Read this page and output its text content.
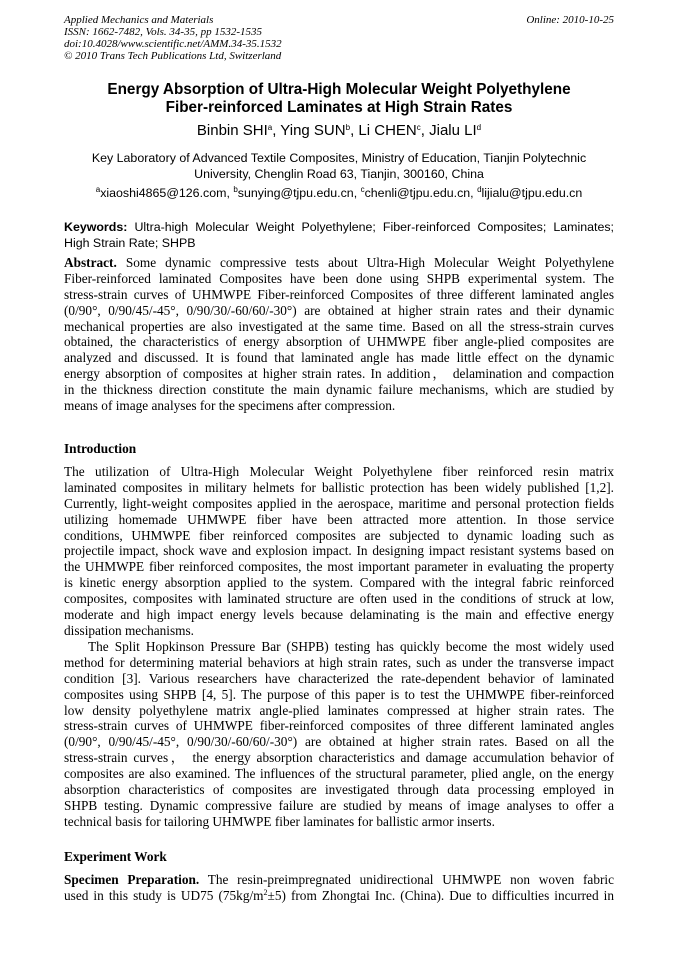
Applied Mechanics and Materials
ISSN: 1662-7482, Vols. 34-35, pp 1532-1535
doi:10.4028/www.scientific.net/AMM.34-35.1532
© 2010 Trans Tech Publications Ltd, Switzerland
Online: 2010-10-25
Energy Absorption of Ultra-High Molecular Weight Polyethylene
Fiber-reinforced Laminates at High Strain Rates
Binbin SHI$^a$, Ying SUN$^b$, Li CHEN$^c$, Jialu $LI^d$
Key Laboratory of Advanced Textile Composites, Ministry of Education, Tianjin Polytechnic
University, Chenglin Road 63, Tianjin, 300160, China
$^a$xiaoshi4865@126.com, $^b$sunying@tjpu.edu.cn, $^c$chenli@tjpu.edu.cn, $^d$lijialu@tjpu.edu.cn
Keywords: Ultra-high Molecular Weight Polyethylene; Fiber-reinforced Composites; Laminates;
High Strain Rate; SHPB
Abstract. Some dynamic compressive tests about Ultra-High Molecular Weight Polyethylene
Fiber-reinforced laminated Composites have been done using SHPB experimental system. The
stress-strain curves of UHMWPE Fiber-reinforced Composites of three different laminated angles
(0/90°, 0/90/45/-45°, 0/90/30/-60/60/-30°) are obtained at higher strain rates and their dynamic
mechanical properties are also investigated at the same time. Based on all the stress-strain curves
obtained, the characteristics of energy absorption of UHMWPE fiber angle-plied composites are
analyzed and discussed. It is found that laminated angle has made little effect on the dynamic
energy absorption of composites at higher strain rates. In addition， delamination and compaction
in the thickness direction constitute the main dynamic failure mechanisms, which are studied by
means of image analyses for the specimens after compression.
Introduction
The utilization of Ultra-High Molecular Weight Polyethylene fiber reinforced resin matrix
laminated composites in military helmets for ballistic protection has been widely published [1,2].
Currently, light-weight composites applied in the aerospace, maritime and personal protection fields
utilizing homemade UHMWPE fiber have been attracted more attention. In those service
conditions, UHMWPE fiber reinforced composites are subjected to dynamic loading such as
projectile impact, shock wave and explosion impact. In designing impact resistant systems based on
the UHMWPE fiber reinforced composites, the most important parameter in evaluating the property
is kinetic energy absorption applied to the system. Compared with the integral fabric reinforced
composites, composites with laminated structure are often used in the conditions of struck at low,
moderate and high impact energy levels because delaminating is the main and effective energy
dissipation mechanisms.
The Split Hopkinson Pressure Bar (SHPB) testing has quickly become the most widely used
method for determining material behaviors at high strain rates, such as under the transverse impact
condition [3]. Various researchers have characterized the rate-dependent behavior of laminated
composites using SHPB [4, 5]. The purpose of this paper is to test the UHMWPE fiber-reinforced
low density polyethylene matrix angle-plied laminates compressed at higher strain rates. The
stress-strain curves of UHMWPE fiber-reinforced composites of three different laminated angles
(0/90°, 0/90/45/-45°, 0/90/30/-60/60/-30°) are obtained at higher strain rates. Based on all the
stress-strain curves， the energy absorption characteristics and damage accumulation behavior of
composites are also examined. The influences of the structural parameter, plied angle, on the energy
absorption characteristics of composites are investigated through data processing employed in
SHPB testing. Dynamic compressive failure are studied by means of image analyses to offer a
technical basis for tailoring UHMWPE fiber laminates for ballistic armor inserts.
Experiment Work
Specimen Preparation. The resin-preimpregnated unidirectional UHMWPE non woven fabric
used in this study is UD75 $(75kg/m^2\pm 5)$ from Zhongtai Inc. (China). Due to difficulties incurred in
